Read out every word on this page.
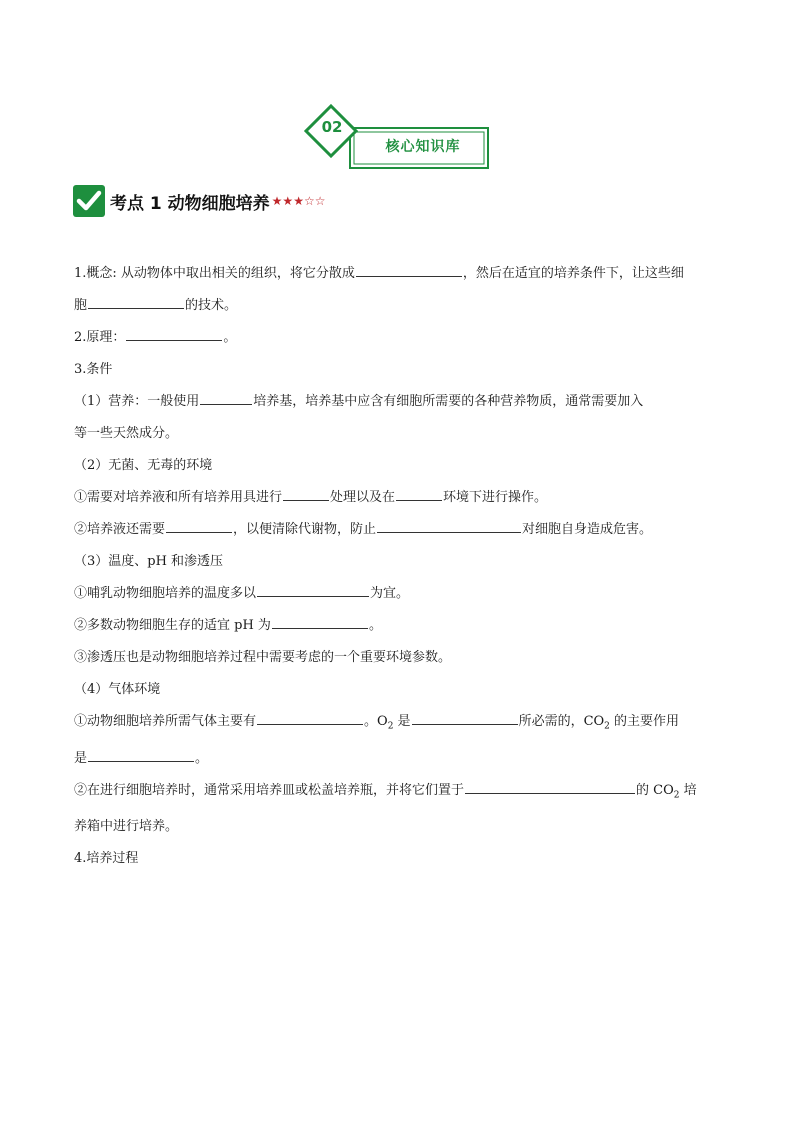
02
核心知识库
考点 1 动物细胞培养 ★★★☆☆

1.概念: 从动物体中取出相关的组织，将它分散成	，然后在适宜的培养条件下，让这些细

胞	的技术。

2.原理：	。

3.条件

（1）营养：一般使用	培养基，培养基中应含有细胞所需要的各种营养物质，通常需要加入

等一些天然成分。

（2）无菌、无毒的环境

①需要对培养液和所有培养用具进行	处理以及在	环境下进行操作。

②培养液还需要	，以便清除代谢物，防止	对细胞自身造成危害。

（3）温度、pH 和渗透压

①哺乳动物细胞培养的温度多以	为宜。

②多数动物细胞生存的适宜 pH 为	。

③渗透压也是动物细胞培养过程中需要考虑的一个重要环境参数。

（4）气体环境

①动物细胞培养所需气体主要有	。$O_2$ 是	所必需的，$CO_2$ 的主要作用

是	。

②在进行细胞培养时，通常采用培养皿或松盖培养瓶，并将它们置于	的 $CO_2$ 培

养箱中进行培养。

4.培养过程
